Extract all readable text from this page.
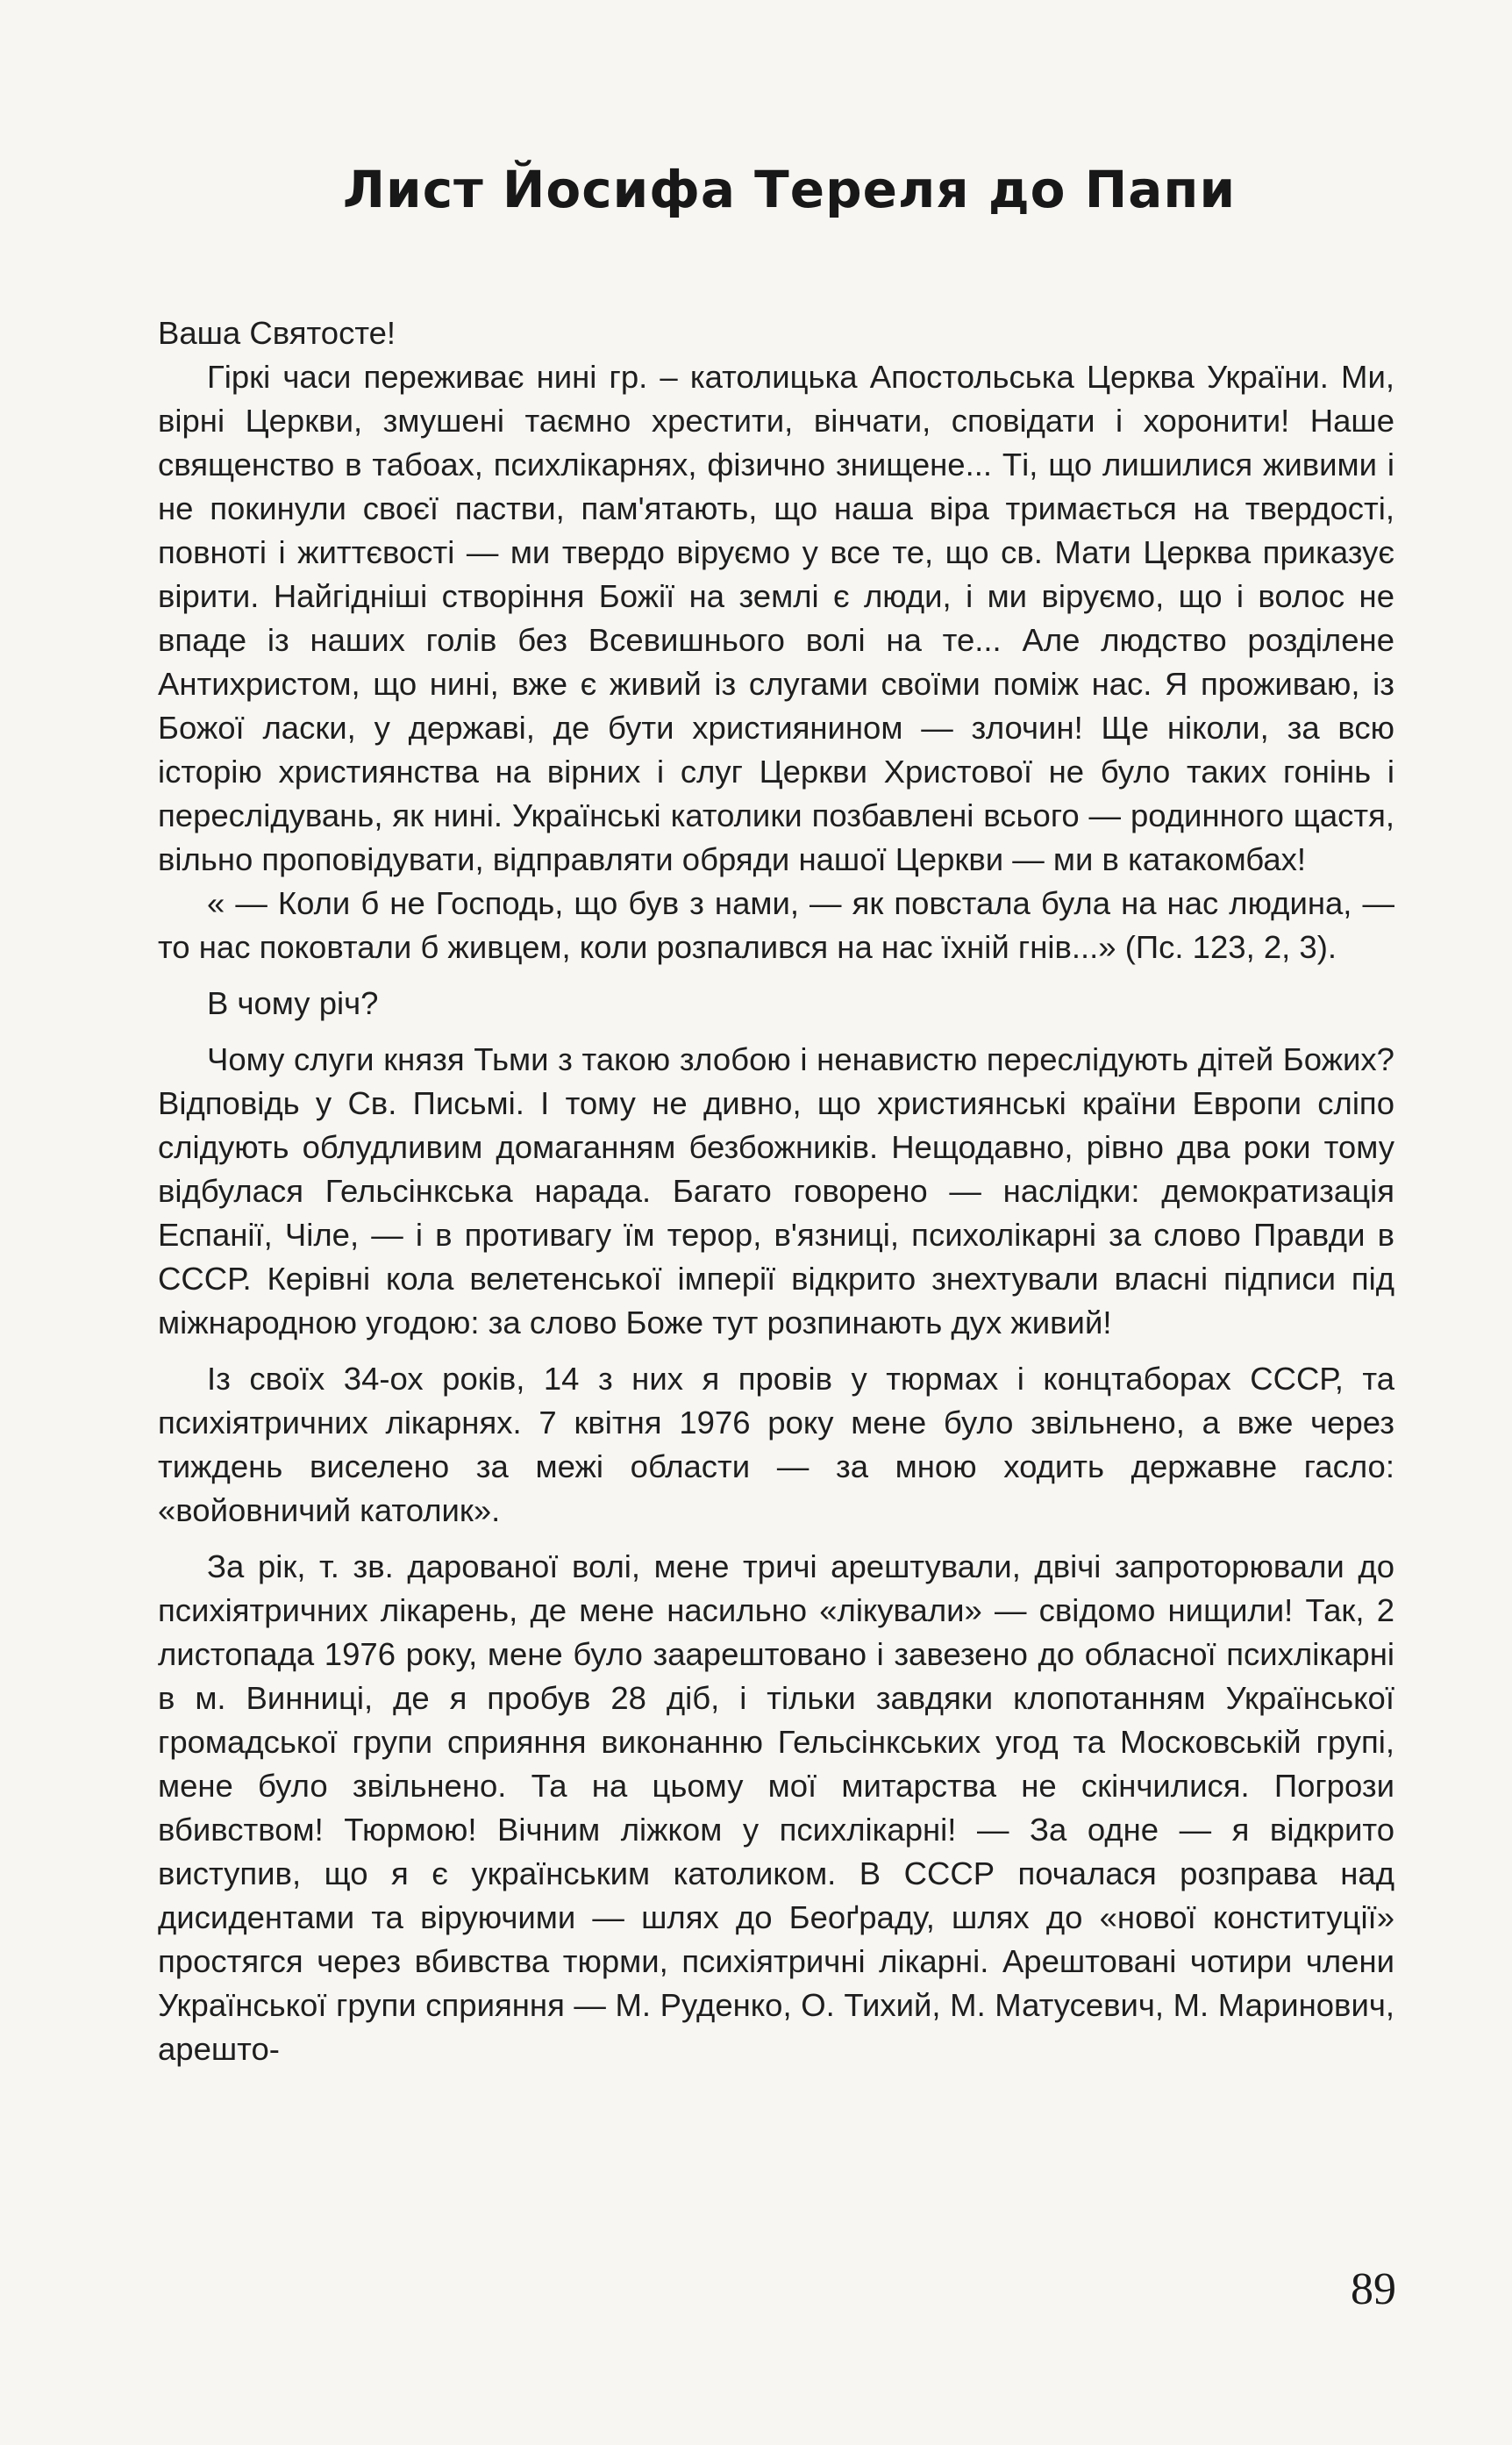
Лист Йосифа Тереля до Папи

Ваша Святосте!

Гіркі часи переживає нині гр. – католицька Апостольська Церква України. Ми, вірні Церкви, змушені таємно хрестити, вінчати, сповідати і хоронити! Наше священство в табоах, психлікарнях, фізично знищене... Ті, що лишилися живими і не покинули своєї пастви, пам'ятають, що наша віра тримається на твердості, повноті і життєвості — ми твердо віруємо у все те, що св. Мати Церква приказує вірити. Найгідніші створіння Божії на землі є люди, і ми віруємо, що і волос не впаде із наших голів без Всевишнього волі на те... Але людство розділене Антихристом, що нині, вже є живий із слугами своїми поміж нас. Я проживаю, із Божої ласки, у державі, де бути християнином — злочин! Ще ніколи, за всю історію християнства на вірних і слуг Церкви Христової не було таких гонінь і переслідувань, як нині. Українські католики позбавлені всього — родинного щастя, вільно проповідувати, відправляти обряди нашої Церкви — ми в катакомбах!

« — Коли б не Господь, що був з нами, — як повстала була на нас людина, — то нас поковтали б живцем, коли розпалився на нас їхній гнів...» (Пс. 123, 2, 3).

В чому річ?

Чому слуги князя Тьми з такою злобою і ненавистю переслідують дітей Божих? Відповідь у Св. Письмі. І тому не дивно, що християнські країни Европи сліпо слідують облудливим домаганням безбожників. Нещодавно, рівно два роки тому відбулася Гельсінкська нарада. Багато говорено — наслідки: демократизація Еспанії, Чіле, — і в противагу їм терор, в'язниці, психолікарні за слово Правди в СССР. Керівні кола велетенської імперії відкрито знехтували власні підписи під міжнародною угодою: за слово Боже тут розпинають дух живий!

Із своїх 34-ох років, 14 з них я провів у тюрмах і концтаборах СССР, та психіятричних лікарнях. 7 квітня 1976 року мене було звільнено, а вже через тиждень виселено за межі области — за мною ходить державне гасло: «войовничий католик».

За рік, т. зв. дарованої волі, мене тричі арештували, двічі запроторювали до психіятричних лікарень, де мене насильно «лікували» — свідомо нищили! Так, 2 листопада 1976 року, мене було заарештовано і завезено до обласної психлікарні в м. Винниці, де я пробув 28 діб, і тільки завдяки клопотанням Української громадської групи сприяння виконанню Гельсінкських угод та Московській групі, мене було звільнено. Та на цьому мої митарства не скінчилися. Погрози вбивством! Тюрмою! Вічним ліжком у психлікарні! — За одне — я відкрито виступив, що я є українським католиком. В СССР почалася розправа над дисидентами та віруючими — шлях до Беоґраду, шлях до «нової конституції» простягся через вбивства тюрми, психіятричні лікарні. Арештовані чотири члени Української групи сприяння — М. Руденко, О. Тихий, М. Матусевич, М. Маринович, арешто-

89
